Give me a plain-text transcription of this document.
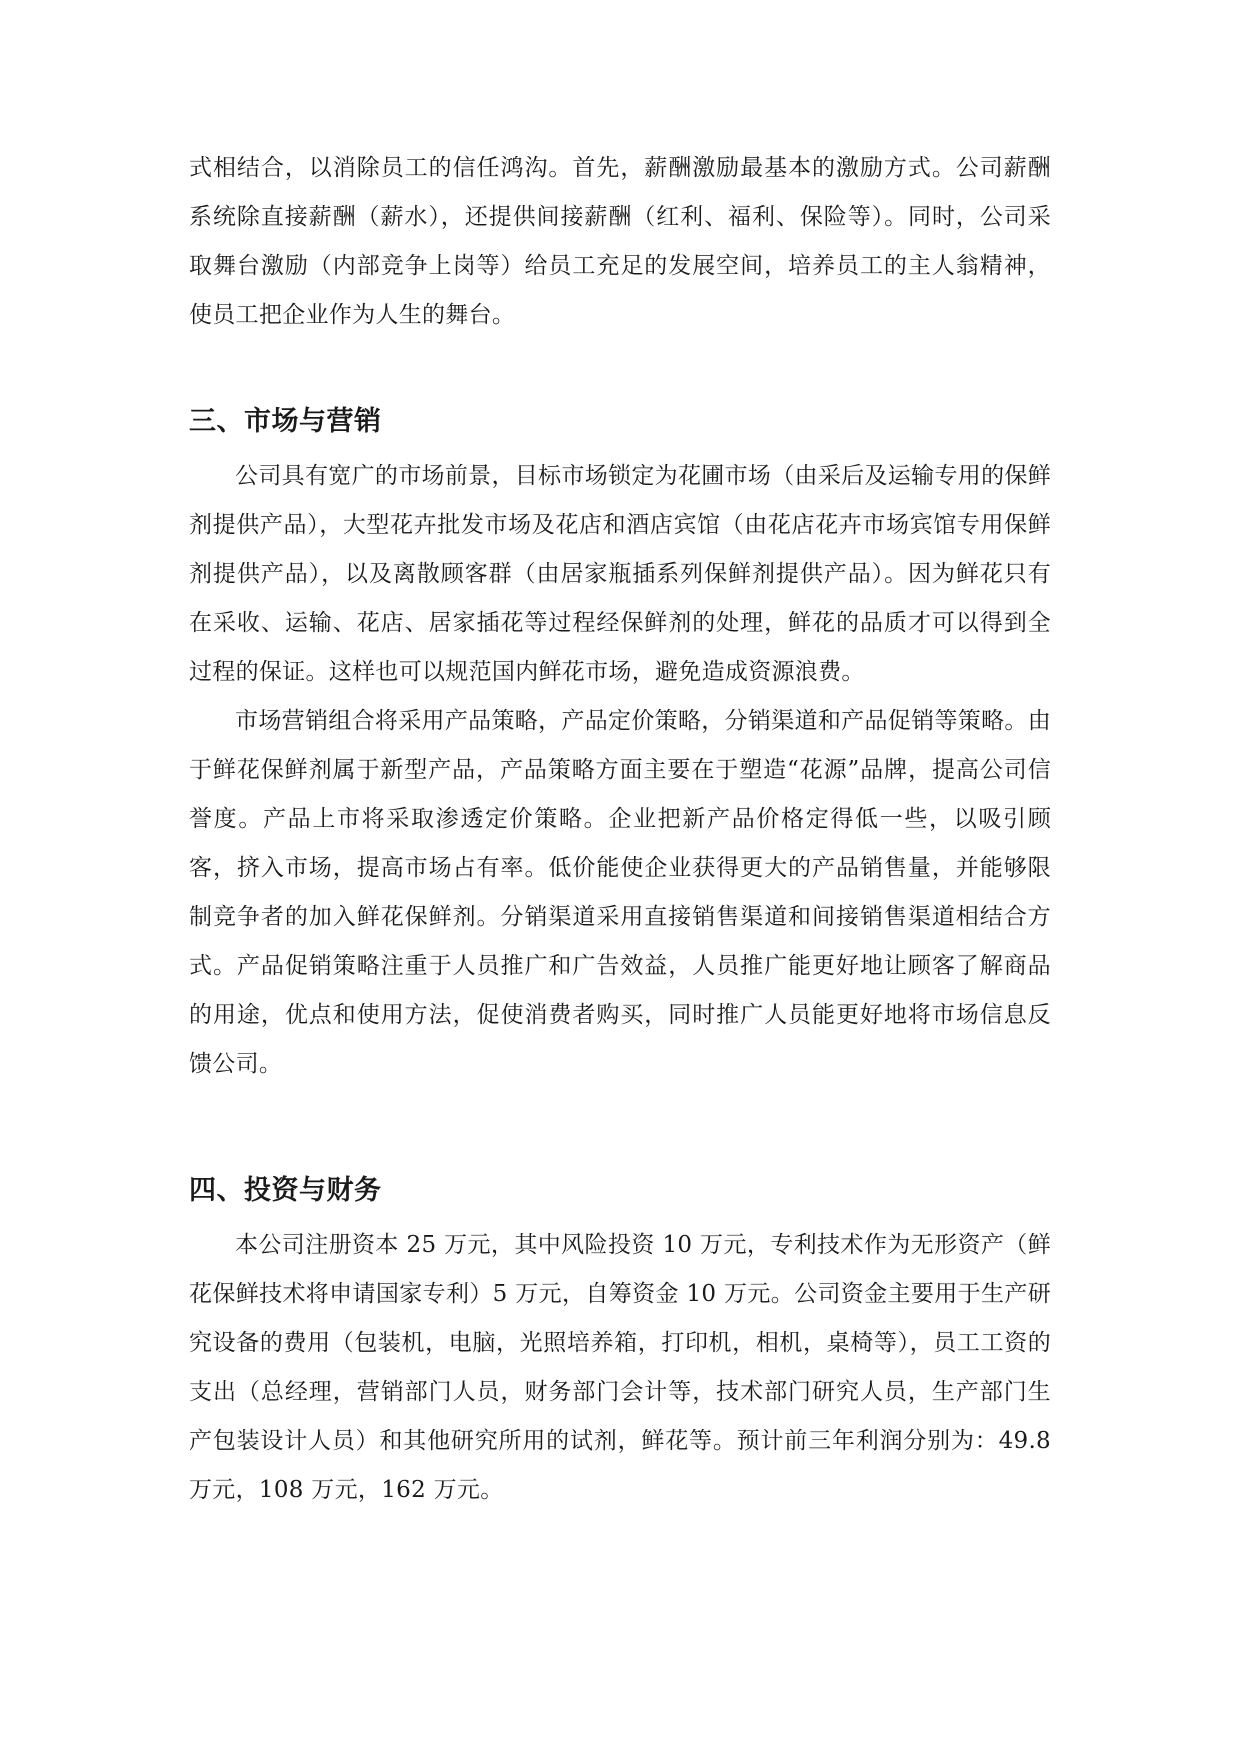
式相结合，以消除员工的信任鸿沟。首先，薪酬激励最基本的激励方式。公司薪酬系统除直接薪酬（薪水），还提供间接薪酬（红利、福利、保险等）。同时，公司采取舞台激励（内部竞争上岗等）给员工充足的发展空间，培养员工的主人翁精神，使员工把企业作为人生的舞台。

三、市场与营销

公司具有宽广的市场前景，目标市场锁定为花圃市场（由采后及运输专用的保鲜剂提供产品），大型花卉批发市场及花店和酒店宾馆（由花店花卉市场宾馆专用保鲜剂提供产品），以及离散顾客群（由居家瓶插系列保鲜剂提供产品）。因为鲜花只有在采收、运输、花店、居家插花等过程经保鲜剂的处理，鲜花的品质才可以得到全过程的保证。这样也可以规范国内鲜花市场，避免造成资源浪费。

市场营销组合将采用产品策略，产品定价策略，分销渠道和产品促销等策略。由于鲜花保鲜剂属于新型产品，产品策略方面主要在于塑造“花源”品牌，提高公司信誉度。产品上市将采取渗透定价策略。企业把新产品价格定得低一些，以吸引顾客，挤入市场，提高市场占有率。低价能使企业获得更大的产品销售量，并能够限制竞争者的加入鲜花保鲜剂。分销渠道采用直接销售渠道和间接销售渠道相结合方式。产品促销策略注重于人员推广和广告效益，人员推广能更好地让顾客了解商品的用途，优点和使用方法，促使消费者购买，同时推广人员能更好地将市场信息反馈公司。

四、投资与财务

本公司注册资本 25 万元，其中风险投资 10 万元，专利技术作为无形资产（鲜花保鲜技术将申请国家专利）5 万元，自筹资金 10 万元。公司资金主要用于生产研究设备的费用（包装机，电脑，光照培养箱，打印机，相机，桌椅等），员工工资的支出（总经理，营销部门人员，财务部门会计等，技术部门研究人员，生产部门生产包装设计人员）和其他研究所用的试剂，鲜花等。预计前三年利润分别为：49.8 万元，108 万元，162 万元。
